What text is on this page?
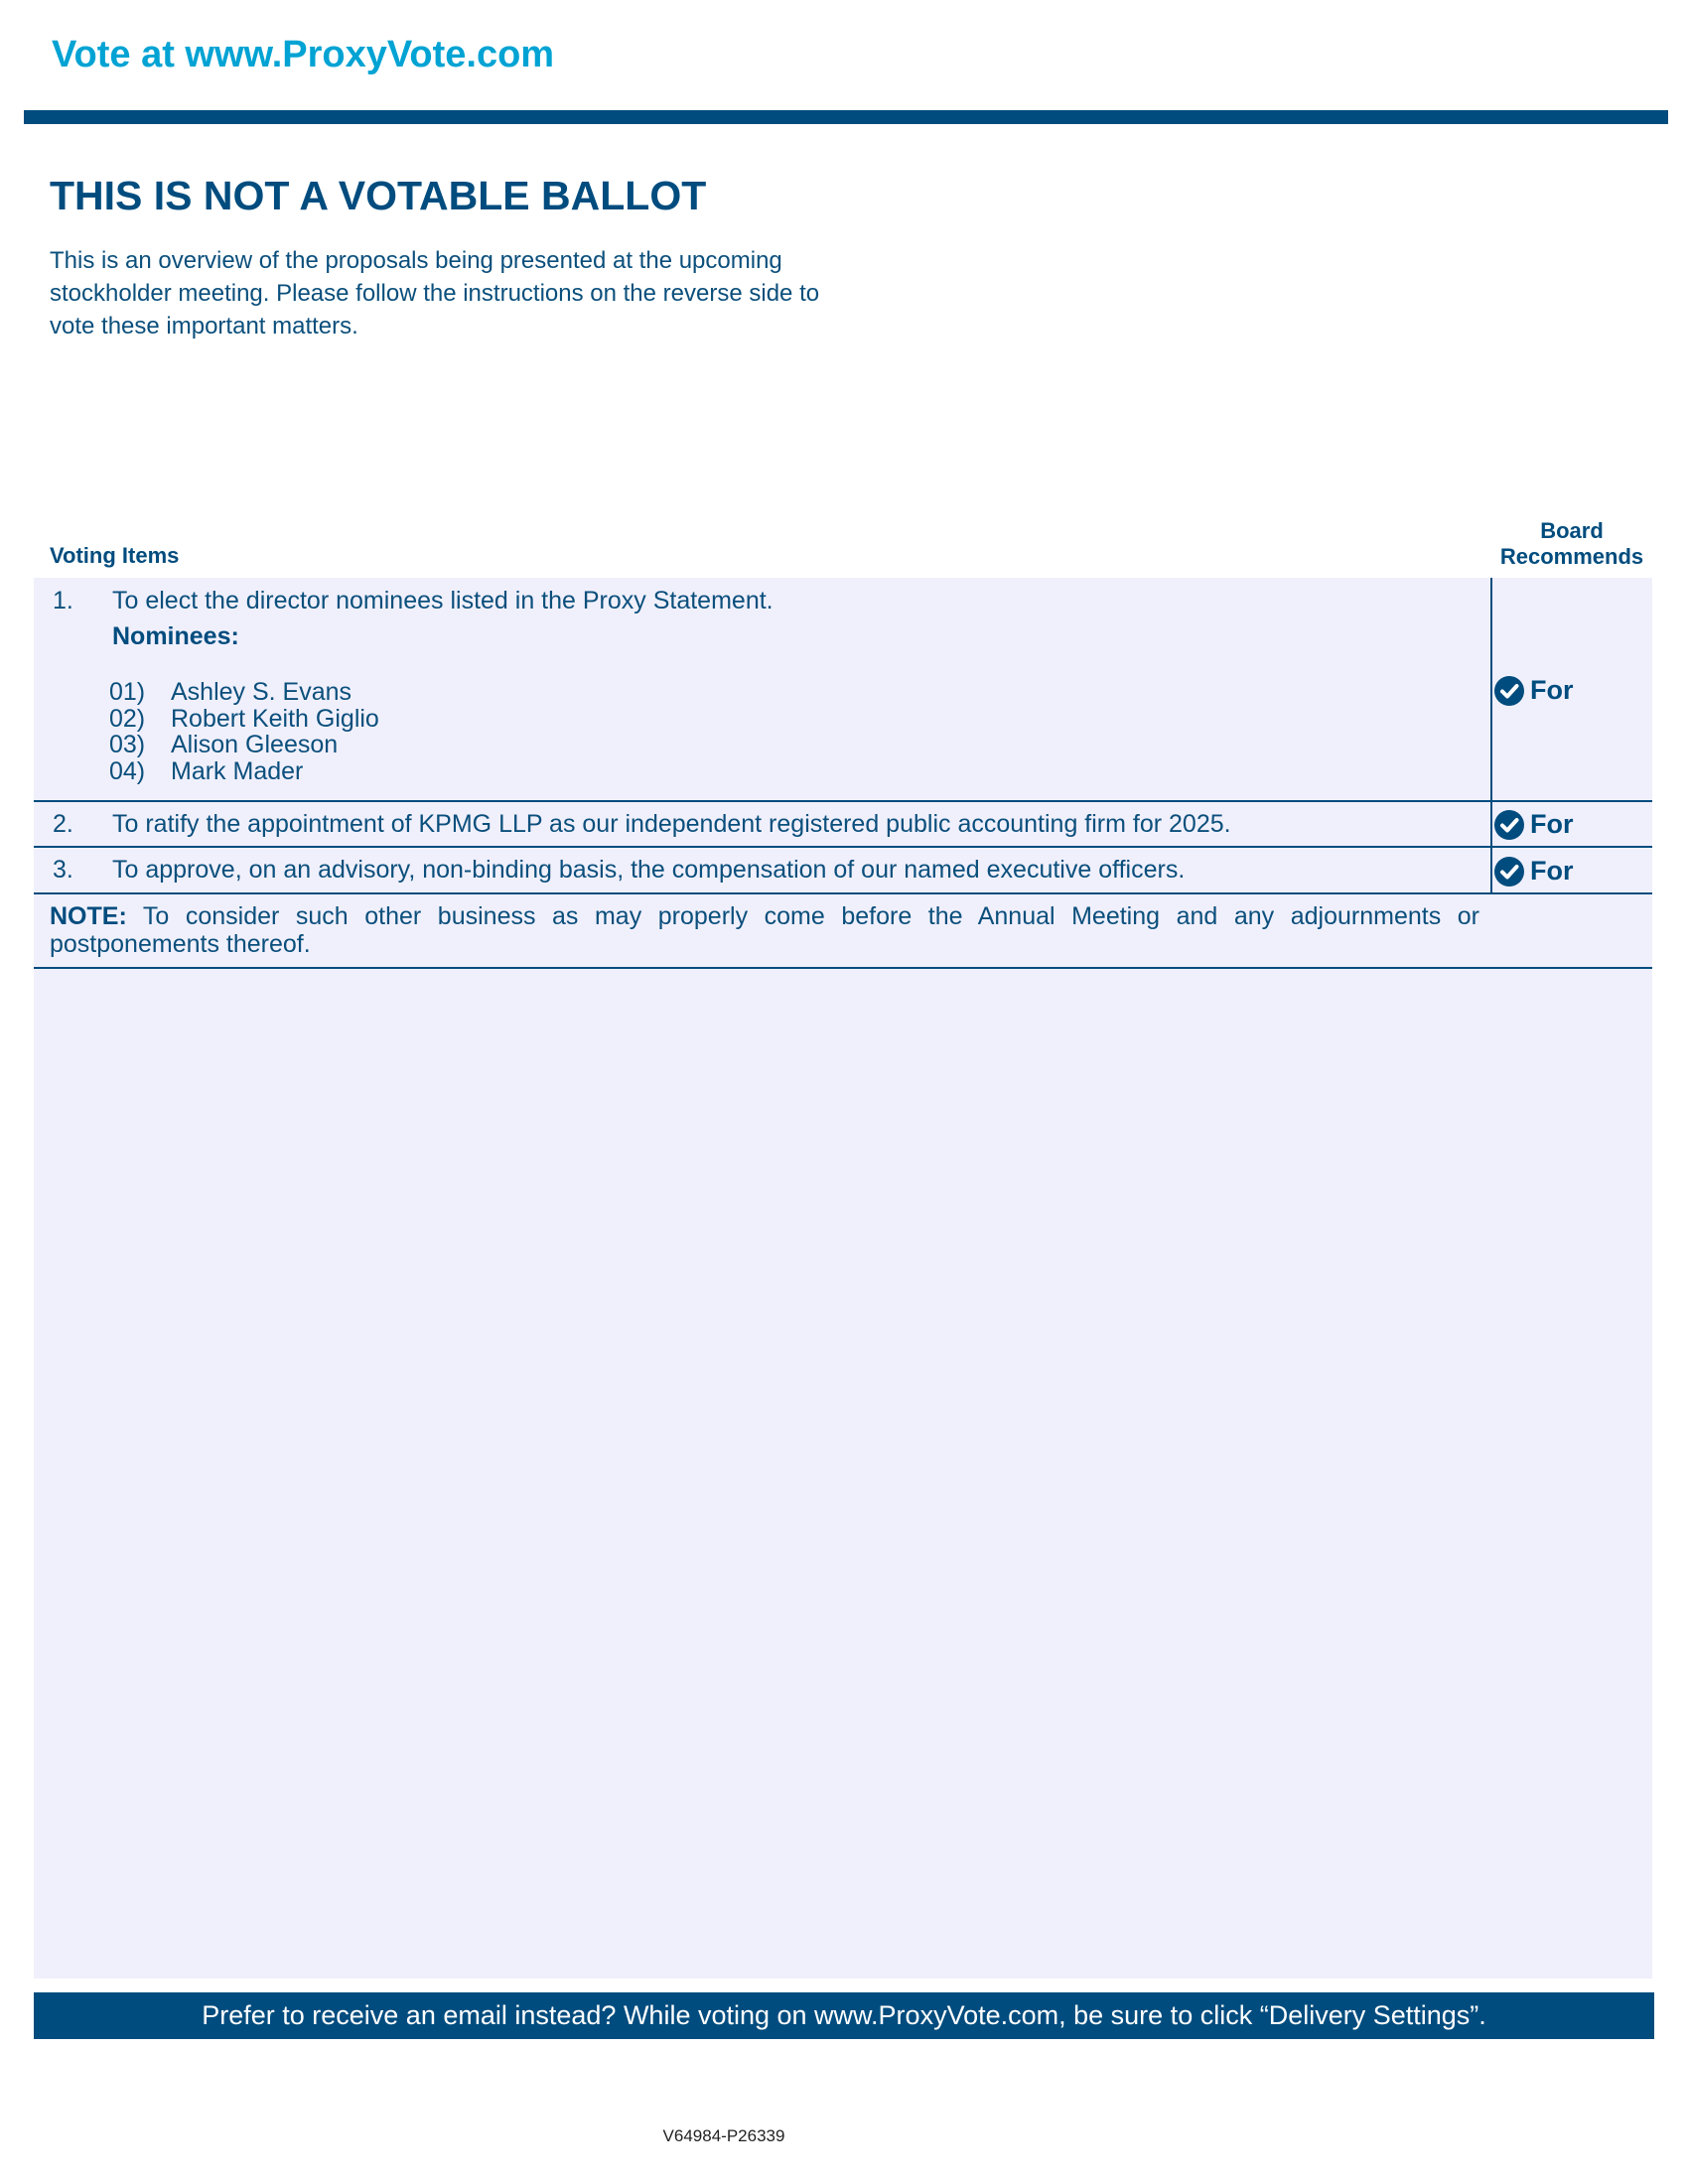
Vote at www.ProxyVote.com
THIS IS NOT A VOTABLE BALLOT
This is an overview of the proposals being presented at the upcoming stockholder meeting. Please follow the instructions on the reverse side to vote these important matters.
Voting Items
Board
Recommends
1. To elect the director nominees listed in the Proxy Statement.
Nominees:
01) Ashley S. Evans
02) Robert Keith Giglio
03) Alison Gleeson
04) Mark Mader
For
2. To ratify the appointment of KPMG LLP as our independent registered public accounting firm for 2025.	For
3. To approve, on an advisory, non-binding basis, the compensation of our named executive officers.	For
NOTE: To consider such other business as may properly come before the Annual Meeting and any adjournments or postponements thereof.
Prefer to receive an email instead? While voting on www.ProxyVote.com, be sure to click “Delivery Settings”.
V64984-P26339
